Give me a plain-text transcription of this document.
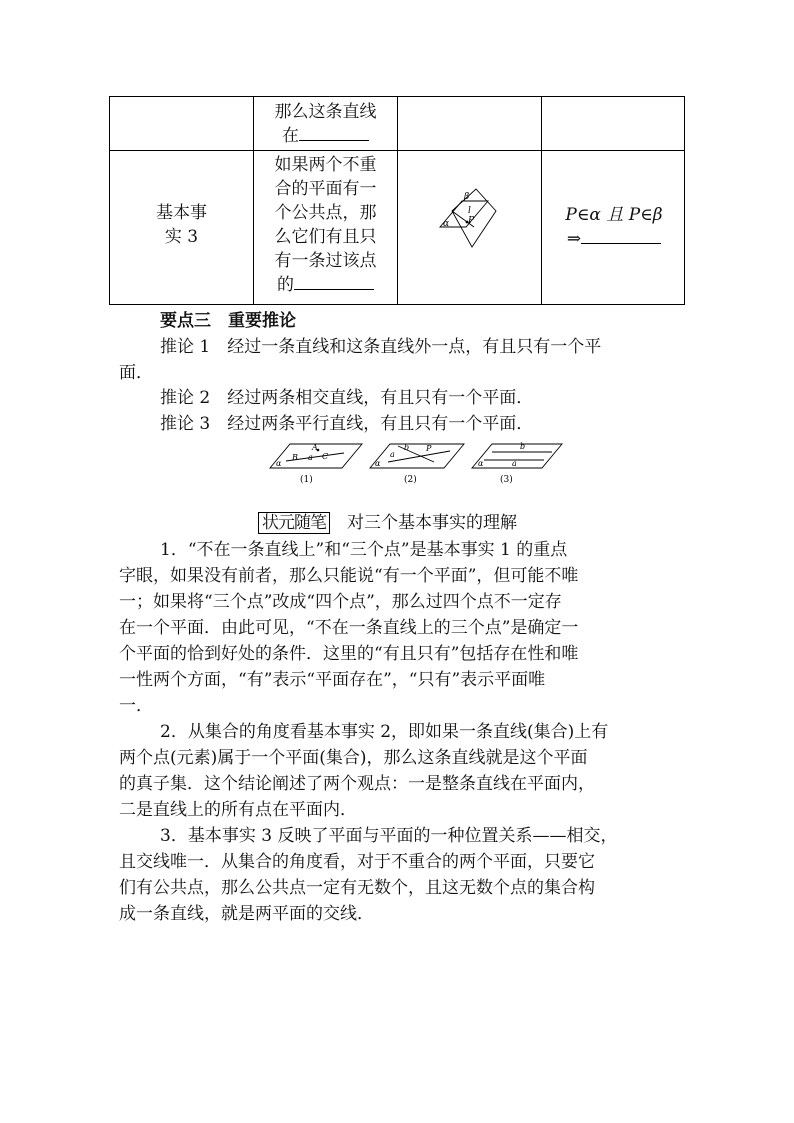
那么这条直线
在
基本事
实 3
如果两个不重
合的平面有一
个公共点，那
么它们有且只
有一条过该点
的
β
l
P
α	P∈α 且 P∈β
⇒
要点三　重要推论
推论 1　 经过一条直线和这条直线外一点，有且只有一个平
面．
推论 2　 经过两条相交直线，有且只有一个平面．
推论 3　 经过两条平行直线，有且只有一个平面．
A
B a C
α
(1)
b P
a
α
(2)
b
a
α
(3)
状元随笔　 对三个基本事实的理解
1．“不在一条直线上”和“三个点”是基本事实 1 的重点
字眼，如果没有前者，那么只能说“有一个平面”，但可能不唯
一；如果将“三个点”改成“四个点”，那么过四个点不一定存
在一个平面．由此可见，“不在一条直线上的三个点”是确定一
个平面的恰到好处的条件．这里的“有且只有”包括存在性和唯
一性两个方面，“有”表示“平面存在”，“只有”表示平面唯
一．
2．从集合的角度看基本事实 2，即如果一条直线(集合)上有
两个点(元素)属于一个平面(集合)，那么这条直线就是这个平面
的真子集．这个结论阐述了两个观点：一是整条直线在平面内，
二是直线上的所有点在平面内．
3．基本事实 3 反映了平面与平面的一种位置关系——相交，
且交线唯一．从集合的角度看，对于不重合的两个平面，只要它
们有公共点，那么公共点一定有无数个，且这无数个点的集合构
成一条直线，就是两平面的交线．
